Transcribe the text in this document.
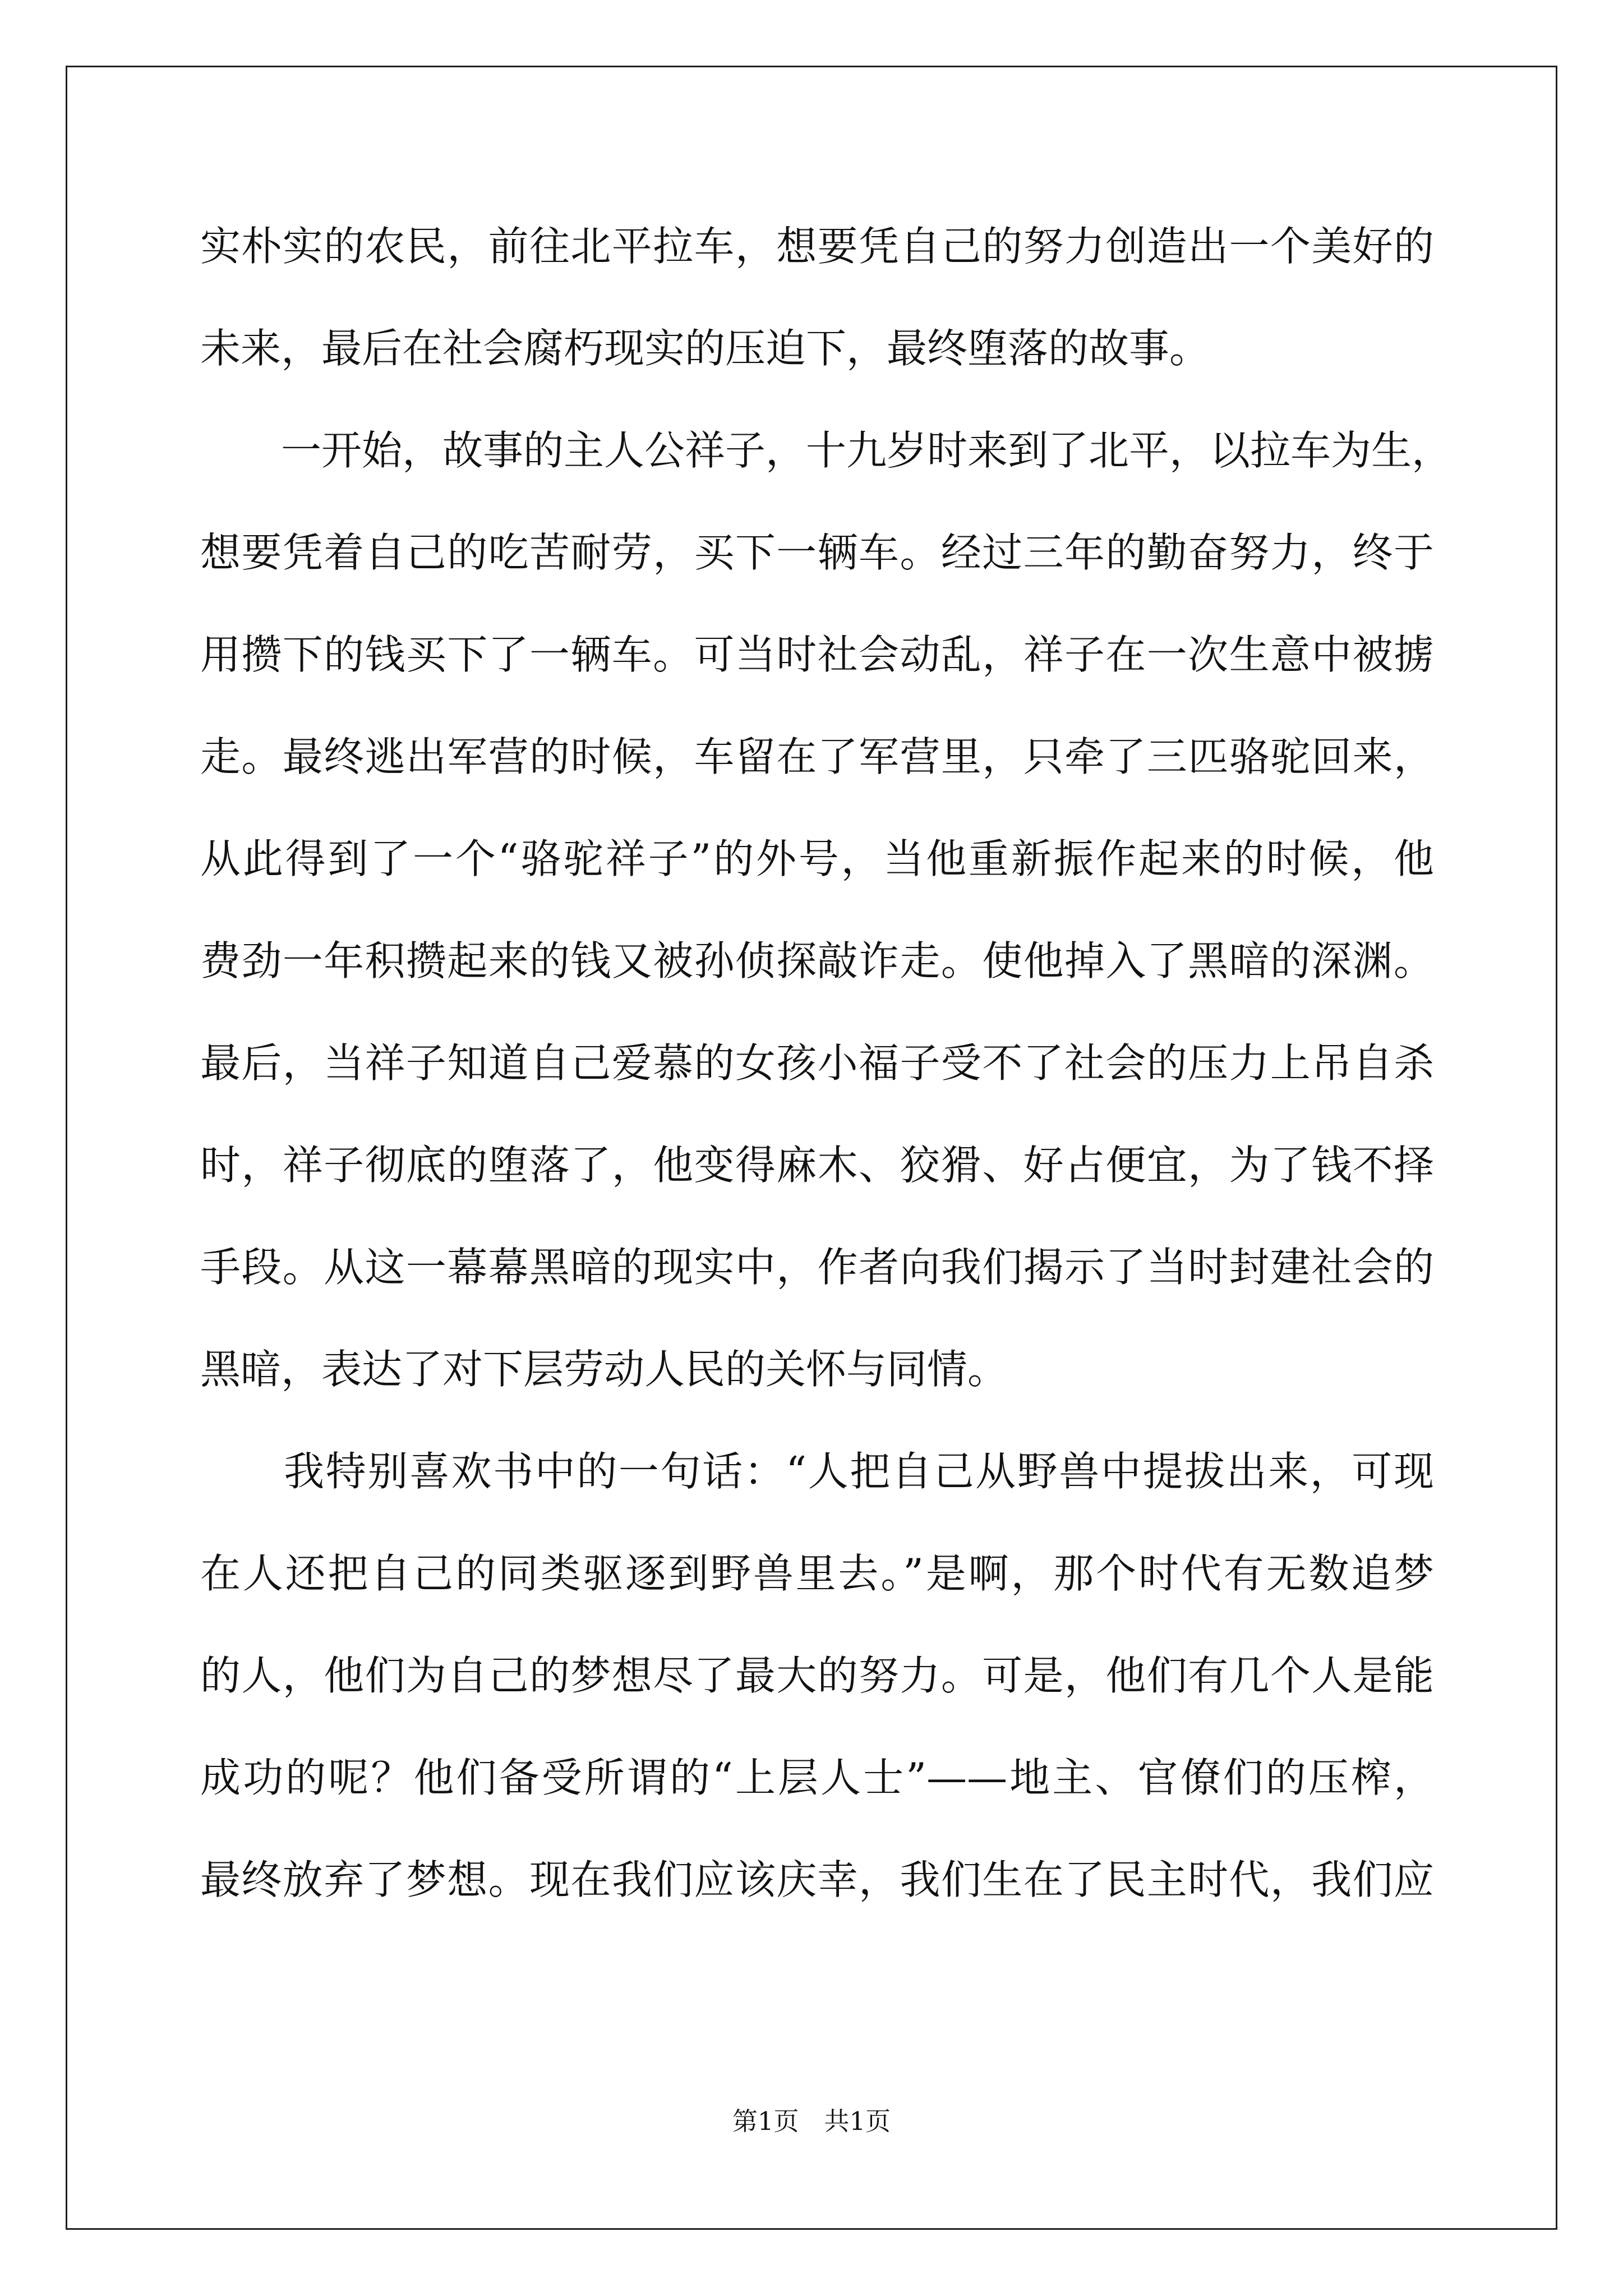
实朴实的农民，前往北平拉车，想要凭自己的努力创造出一个美好的
未来，最后在社会腐朽现实的压迫下，最终堕落的故事。
　　一开始，故事的主人公祥子，十九岁时来到了北平，以拉车为生，
想要凭着自己的吃苦耐劳，买下一辆车。经过三年的勤奋努力，终于
用攒下的钱买下了一辆车。可当时社会动乱，祥子在一次生意中被掳
走。最终逃出军营的时候，车留在了军营里，只牵了三匹骆驼回来，
从此得到了一个“骆驼祥子”的外号，当他重新振作起来的时候，他
费劲一年积攒起来的钱又被孙侦探敲诈走。使他掉入了黑暗的深渊。
最后，当祥子知道自己爱慕的女孩小福子受不了社会的压力上吊自杀
时，祥子彻底的堕落了，他变得麻木、狡猾、好占便宜，为了钱不择
手段。从这一幕幕黑暗的现实中，作者向我们揭示了当时封建社会的
黑暗，表达了对下层劳动人民的关怀与同情。
　　我特别喜欢书中的一句话：“人把自己从野兽中提拔出来，可现
在人还把自己的同类驱逐到野兽里去。”是啊，那个时代有无数追梦
的人，他们为自己的梦想尽了最大的努力。可是，他们有几个人是能
成功的呢？他们备受所谓的“上层人士”——地主、官僚们的压榨，
最终放弃了梦想。现在我们应该庆幸，我们生在了民主时代，我们应
第1页 共1页
